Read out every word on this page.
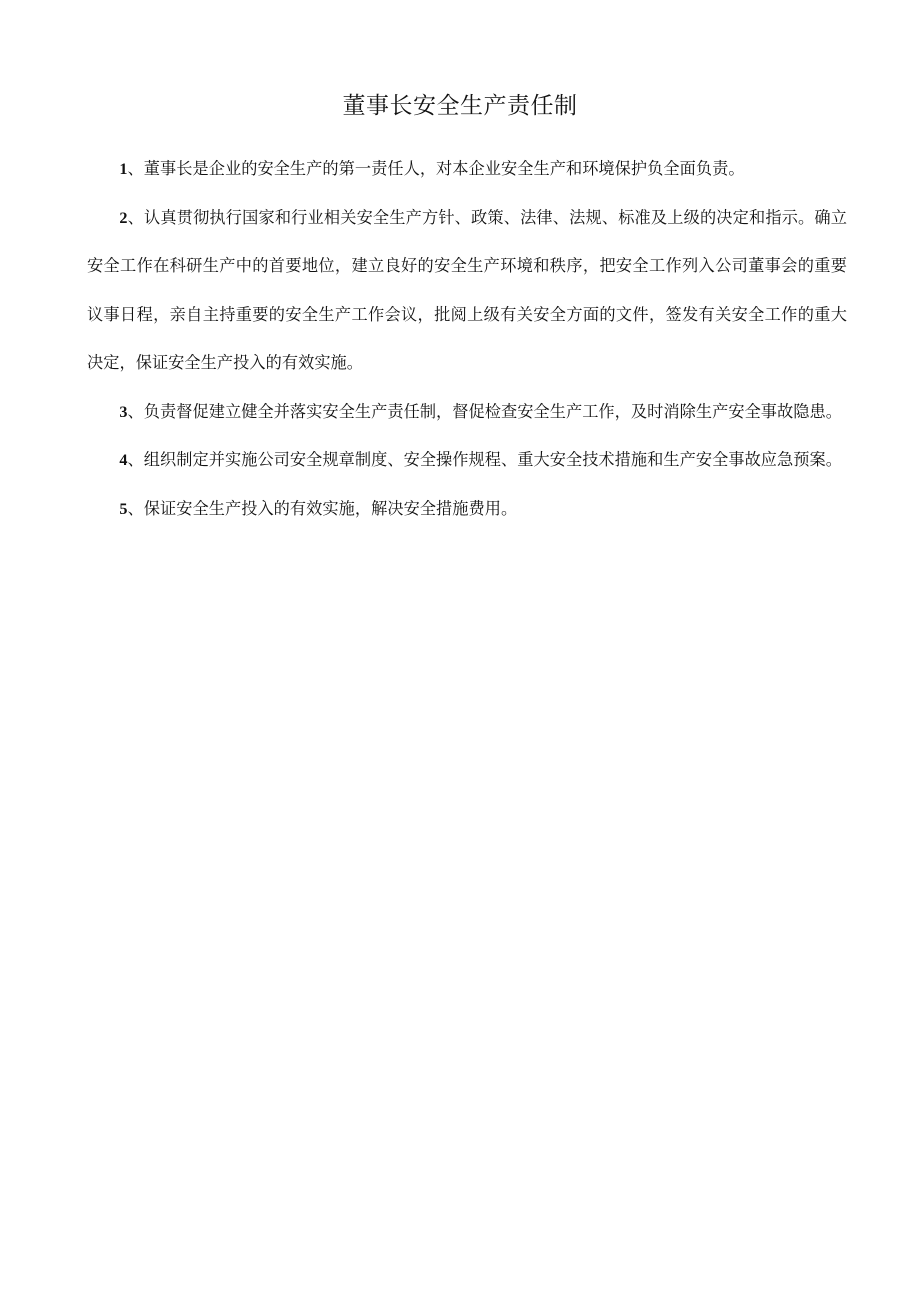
董事长安全生产责任制

1、董事长是企业的安全生产的第一责任人，对本企业安全生产和环境保护负全面负责。

2、认真贯彻执行国家和行业相关安全生产方针、政策、法律、法规、标准及上级的决定和指示。确立安全工作在科研生产中的首要地位，建立良好的安全生产环境和秩序，把安全工作列入公司董事会的重要议事日程，亲自主持重要的安全生产工作会议，批阅上级有关安全方面的文件，签发有关安全工作的重大决定，保证安全生产投入的有效实施。

3、负责督促建立健全并落实安全生产责任制，督促检查安全生产工作，及时消除生产安全事故隐患。

4、组织制定并实施公司安全规章制度、安全操作规程、重大安全技术措施和生产安全事故应急预案。

5、保证安全生产投入的有效实施，解决安全措施费用。
